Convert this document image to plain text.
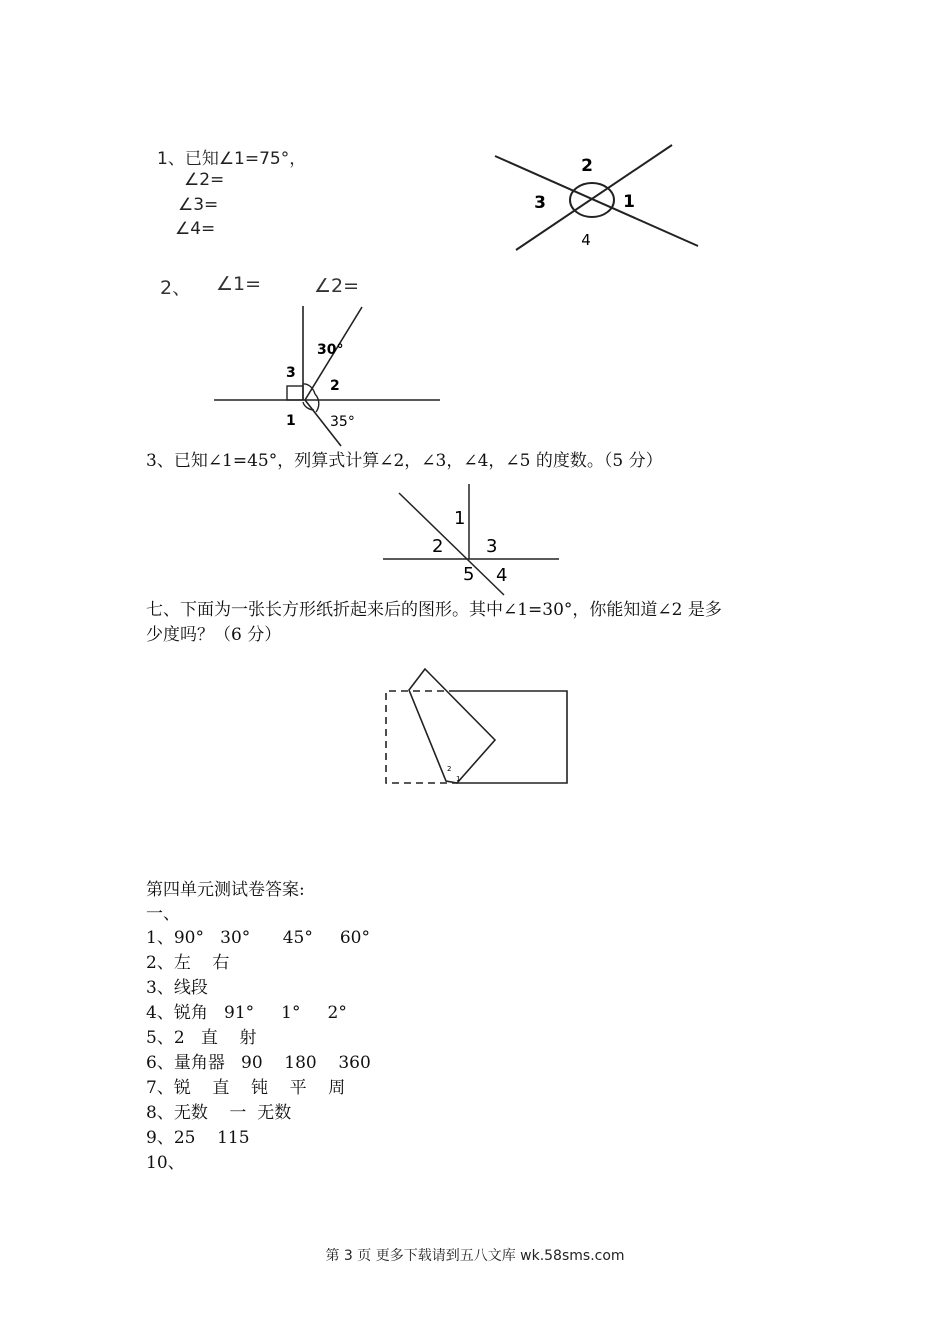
1、已知∠1=75°，
∠2=
∠3=
∠4=
2
3	1
4
2、 ∠1=	∠2=
30°
3
2
1 35°
3、已知∠1=45°，列算式计算∠2，∠3，∠4，∠5 的度数。（5 分）
1
2 3
5 4
七、下面为一张长方形纸折起来后的图形。其中∠1=30°，你能知道∠2 是多
少度吗？（6 分）
2
1
第四单元测试卷答案:
一、
1、90°   30°      45°     60°
2、左    右
3、线段
4、锐角   91°     1°     2°
5、2   直    射
6、量角器   90    180    360
7、锐    直    钝    平    周
8、无数    一  无数
9、25    115
10、
第 3 页 更多下载请到五八文库 wk.58sms.com
